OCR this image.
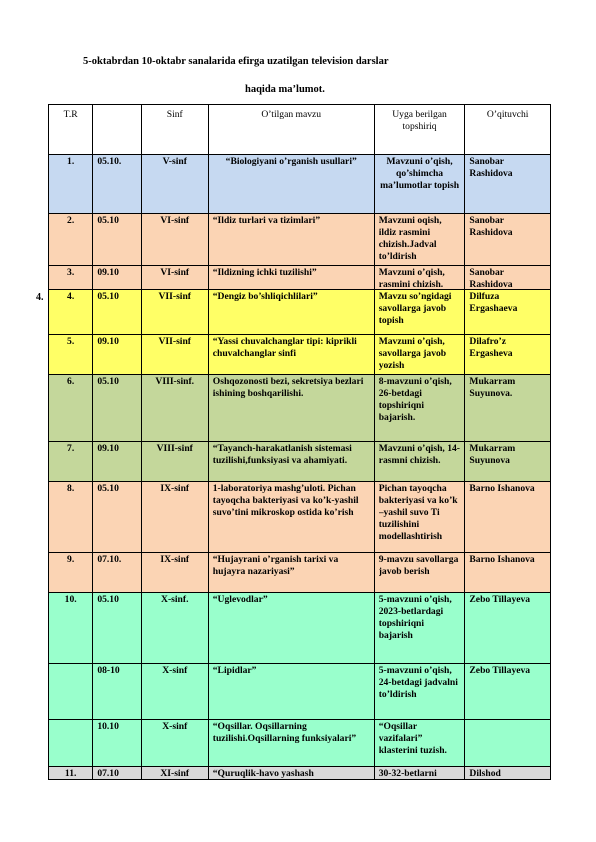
5-oktabrdan 10-oktabr sanalarida efirga uzatilgan television darslar
haqida ma’lumot.
4.
T.R		Sinf	O’tilgan mavzu	Uyga berilgan topshiriq	O’qituvchi

1.	05.10.	V-sinf	“Biologiyani o’rganish usullari”	Mavzuni o’qish, qo’shimcha ma’lumotlar topish	Sanobar Rashidova

2.	05.10	VI-sinf	“Ildiz turlari va tizimlari”	Mavzuni oqish, ildiz rasmini chizish.Jadval to’ldirish	Sanobar Rashidova

3.	09.10	VI-sinf	“Ildizning ichki tuzilishi”	Mavzuni o’qish, rasmini chizish.	Sanobar Rashidova

4.	05.10	VII-sinf	“Dengiz bo’shliqichlilari”	Mavzu so’ngidagi savollarga javob topish	Dilfuza Ergashaeva

5.	09.10	VII-sinf	“Yassi chuvalchanglar tipi: kiprikli chuvalchanglar sinfi	Mavzuni o’qish, savollarga javob yozish	Dilafro’z Ergasheva

6.	05.10	VIII-sinf.	Oshqozonosti bezi, sekretsiya bezlari ishining boshqarilishi.	8-mavzuni o’qish, 26-betdagi topshiriqni bajarish.	Mukarram Suyunova.

7.	09.10	VIII-sinf	“Tayanch-harakatlanish sistemasi tuzilishi,funksiyasi va ahamiyati.	Mavzuni o’qish, 14-rasmni chizish.	Mukarram Suyunova

8.	05.10	IX-sinf	1-laboratoriya mashg’uloti. Pichan tayoqcha bakteriyasi va ko’k-yashil suvo’tini mikroskop ostida ko’rish	Pichan tayoqcha bakteriyasi va ko’k –yashil suvo Ti tuzilishini modellashtirish	Barno Ishanova

9.	07.10.	IX-sinf	“Hujayrani o’rganish tarixi va hujayra nazariyasi”	9-mavzu savollarga javob berish	Barno Ishanova

10.	05.10	X-sinf.	“Uglevodlar”	5-mavzuni o’qish, 2023-betlardagi topshiriqni bajarish	Zebo Tillayeva

	08-10	X-sinf	“Lipidlar”	5-mavzuni o’qish, 24-betdagi jadvalni to’ldirish	Zebo Tillayeva

	10.10	X-sinf	“Oqsillar. Oqsillarning tuzilishi.Oqsillarning funksiyalari”	“Oqsillar vazifalari” klasterini tuzish.	

11.	07.10	XI-sinf	“Quruqlik-havo yashash	30-32-betlarni	Dilshod
